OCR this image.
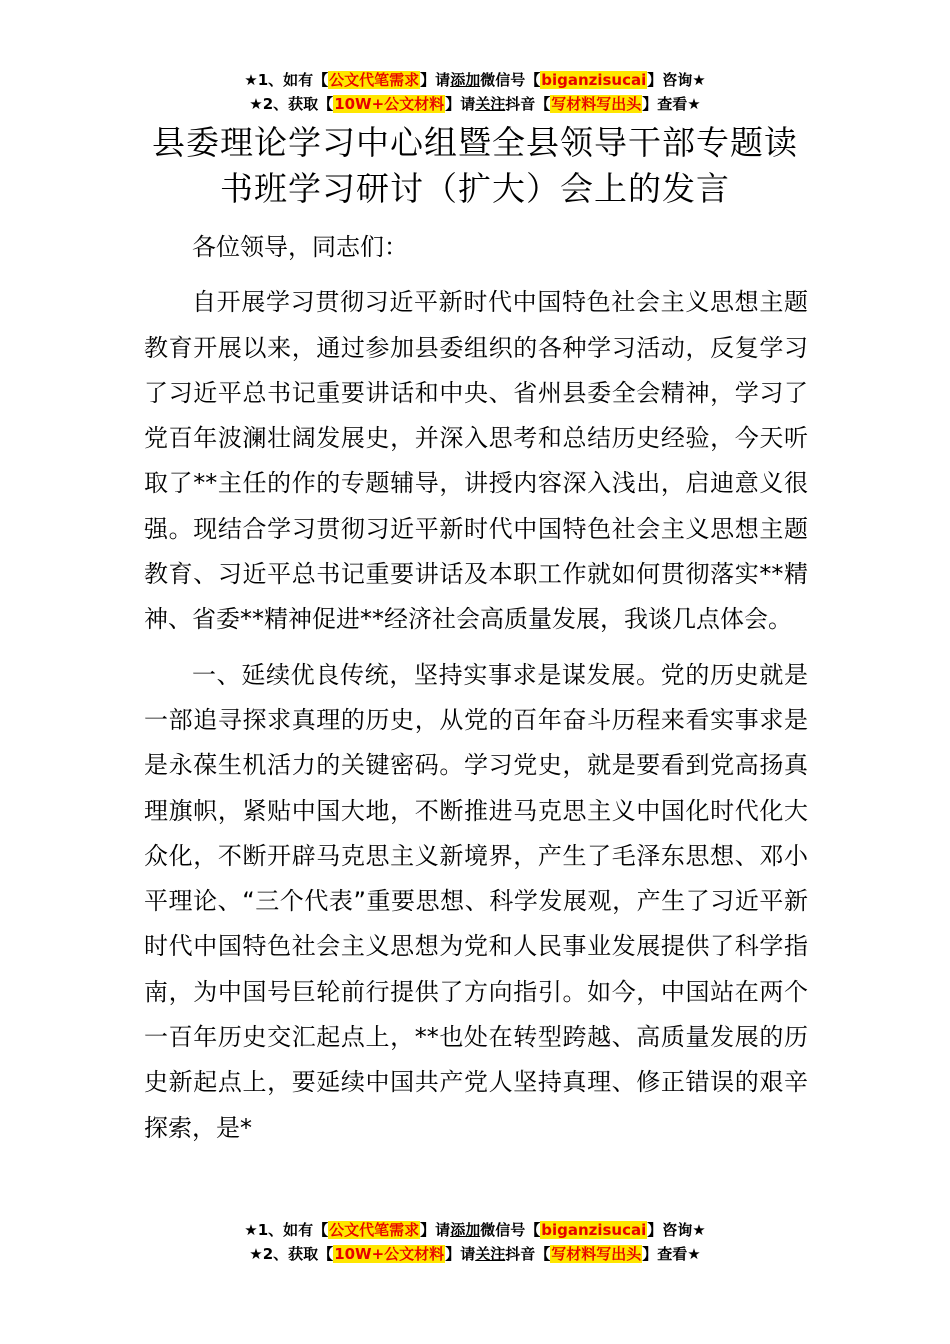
★1、如有【公文代笔需求】请添加微信号【biganzisucai】咨询★
★2、获取【10W+公文材料】请关注抖音【写材料写出头】查看★
县委理论学习中心组暨全县领导干部专题读
书班学习研讨（扩大）会上的发言

各位领导，同志们：

自开展学习贯彻习近平新时代中国特色社会主义思想主题教育开展以来，通过参加县委组织的各种学习活动，反复学习了习近平总书记重要讲话和中央、省州县委全会精神，学习了党百年波澜壮阔发展史，并深入思考和总结历史经验，今天听取了**主任的作的专题辅导，讲授内容深入浅出，启迪意义很强。现结合学习贯彻习近平新时代中国特色社会主义思想主题教育、习近平总书记重要讲话及本职工作就如何贯彻落实**精神、省委**精神促进**经济社会高质量发展，我谈几点体会。

一、延续优良传统，坚持实事求是谋发展。党的历史就是一部追寻探求真理的历史，从党的百年奋斗历程来看实事求是是永葆生机活力的关键密码。学习党史，就是要看到党高扬真理旗帜，紧贴中国大地，不断推进马克思主义中国化时代化大众化，不断开辟马克思主义新境界，产生了毛泽东思想、邓小平理论、“三个代表”重要思想、科学发展观，产生了习近平新时代中国特色社会主义思想为党和人民事业发展提供了科学指南，为中国号巨轮前行提供了方向指引。如今，中国站在两个一百年历史交汇起点上，**也处在转型跨越、高质量发展的历史新起点上，要延续中国共产党人坚持真理、修正错误的艰辛探索，是*

★1、如有【公文代笔需求】请添加微信号【biganzisucai】咨询★
★2、获取【10W+公文材料】请关注抖音【写材料写出头】查看★
